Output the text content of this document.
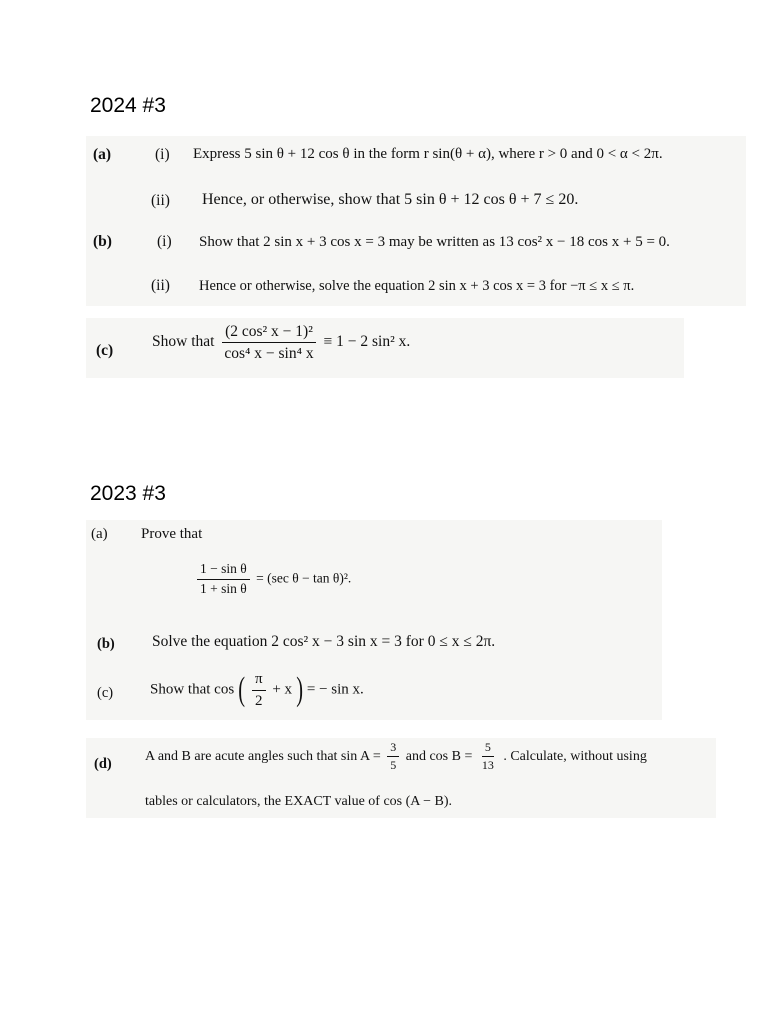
2024 #3
(a)	(i) Express 5 sin θ + 12 cos θ in the form r sin(θ + α), where r > 0 and 0 < α < 2π.
(ii) Hence, or otherwise, show that 5 sin θ + 12 cos θ + 7 ≤ 20.
(b)	(i) Show that 2 sin x + 3 cos x = 3 may be written as 13 cos² x − 18 cos x + 5 = 0.
(ii) Hence or otherwise, solve the equation 2 sin x + 3 cos x = 3 for −π ≤ x ≤ π.
(c)
Show that $\frac{\text{(2 cos² x − 1)²}}{\text{cos⁴ x − sin⁴ x}} \equiv 1 - 2$ sin² x.
2023 #3
(a) Prove that
$\frac{\text{1 − sin θ}}{\text{1 + sin θ}} = (\sec$ θ − tan θ)².
(b) Solve the equation 2 cos² x − 3 sin x = 3 for 0 ≤ x ≤ 2π.
(c) Show that cos ( $\frac{\pi}{2} + x$ ) = − sin x.
(d) A and B are acute angles such that $\sin A = \frac{3}{5}$ and $\cos B = \frac{5}{13}$ . Calculate, without using
tables or calculators, the EXACT value of cos (A − B).
